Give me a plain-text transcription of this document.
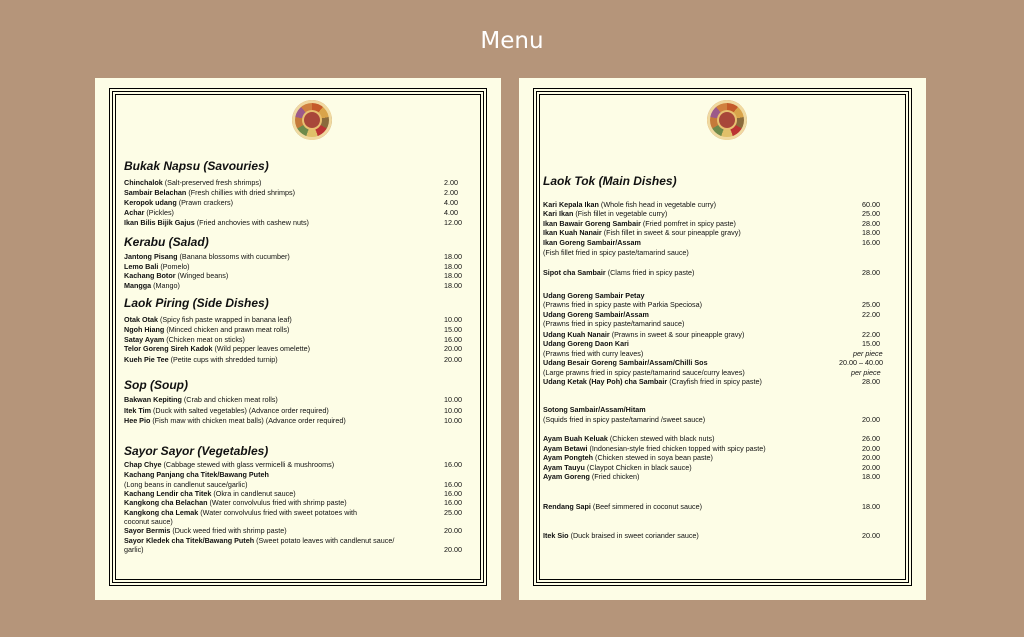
Menu
Bukak Napsu (Savouries)
Chinchalok (Salt-preserved fresh shrimps)	2.00
Sambair Belachan (Fresh chillies with dried shrimps)	2.00
Keropok udang (Prawn crackers)	4.00
Achar (Pickles)	4.00
Ikan Bilis Bijik Gajus (Fried anchovies with cashew nuts)	12.00
Kerabu (Salad)
Jantong Pisang (Banana blossoms with cucumber)	18.00
Lemo Bali (Pomelo)	18.00
Kachang Botor (Winged beans)	18.00
Mangga (Mango)	18.00
Laok Piring (Side Dishes)
Otak Otak (Spicy fish paste wrapped in banana leaf)	10.00
Ngoh Hiang (Minced chicken and prawn meat rolls)	15.00
Satay Ayam (Chicken meat on sticks)	16.00
Telor Goreng Sireh Kadok (Wild pepper leaves omelette)	20.00
Kueh Pie Tee (Petite cups with shredded turnip)	20.00
Sop (Soup)
Bakwan Kepiting (Crab and chicken meat rolls)	10.00
Itek Tim (Duck with salted vegetables) (Advance order required)	10.00
Hee Pio (Fish maw with chicken meat balls) (Advance order required)	10.00
Sayor Sayor (Vegetables)
Chap Chye (Cabbage stewed with glass vermicelli & mushrooms)	16.00
Kachang Panjang cha Titek/Bawang Puteh
(Long beans in candlenut sauce/garlic)	16.00
Kachang Lendir cha Titek (Okra in candlenut sauce)	16.00
Kangkong cha Belachan (Water convolvulus fried with shrimp paste)	16.00
Kangkong cha Lemak (Water convolvulus fried with sweet potatoes with	25.00
coconut sauce)
Sayor Bermis (Duck weed fried with shrimp paste)	20.00
Sayor Kledek cha Titek/Bawang Puteh (Sweet potato leaves with candlenut sauce/
garlic)	20.00
Laok Tok (Main Dishes)
Kari Kepala Ikan (Whole fish head in vegetable curry)	60.00
Kari Ikan (Fish fillet in vegetable curry)	25.00
Ikan Bawair Goreng Sambair (Fried pomfret in spicy paste)	28.00
Ikan Kuah Nanair (Fish fillet in sweet & sour pineapple gravy)	18.00
Ikan Goreng Sambair/Assam	16.00
(Fish fillet fried in spicy paste/tamarind sauce)
Sipot cha Sambair (Clams fried in spicy paste)	28.00
Udang Goreng Sambair Petay
(Prawns fried in spicy paste with Parkia Speciosa)	25.00
Udang Goreng Sambair/Assam	22.00
(Prawns fried in spicy paste/tamarind sauce)
Udang Kuah Nanair (Prawns in sweet & sour pineapple gravy)	22.00
Udang Goreng Daon Kari	15.00
(Prawns fried with curry leaves)	per piece
Udang Besair Goreng Sambair/Assam/Chilli Sos	20.00 – 40.00
(Large prawns fried in spicy paste/tamarind sauce/curry leaves)	per piece
Udang Ketak (Hay Poh) cha Sambair (Crayfish fried in spicy paste)	28.00
Sotong Sambair/Assam/Hitam
(Squids fried in spicy paste/tamarind /sweet sauce)	20.00
Ayam Buah Keluak (Chicken stewed with black nuts)	26.00
Ayam Betawi (Indonesian-style fried chicken topped with spicy paste)	20.00
Ayam Pongteh (Chicken stewed in soya bean paste)	20.00
Ayam Tauyu (Claypot Chicken in black sauce)	20.00
Ayam Goreng (Fried chicken)	18.00
Rendang Sapi (Beef simmered in coconut sauce)	18.00
Itek Sio (Duck braised in sweet coriander sauce)	20.00
